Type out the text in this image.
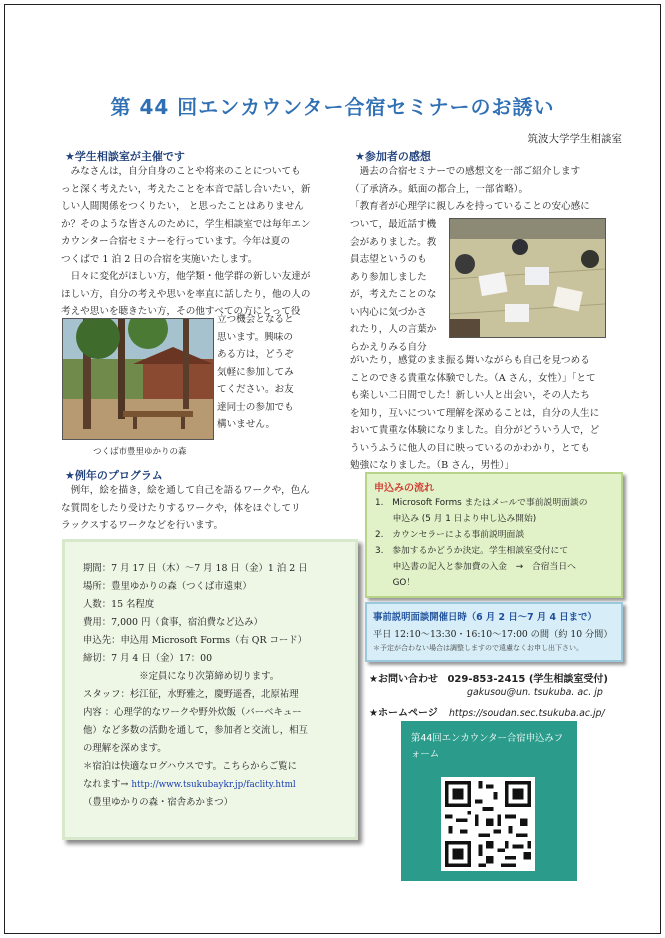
第 44 回エンカウンター合宿セミナーのお誘い
筑波大学学生相談室
★学生相談室が主催です
　みなさんは，自分自身のことや将来のことについても
っと深く考えたい，考えたことを本音で話し合いたい，新
しい人間関係をつくりたい， と思ったことはありません
か？そのような皆さんのために，学生相談室では毎年エン
カウンター合宿セミナーを行っています。今年は夏の
つくばで 1 泊 2 日の合宿を実施いたします。
　日々に変化がほしい方，他学類・他学群の新しい友達が
ほしい方，自分の考えや思いを率直に話したり，他の人の
考えや思いを聴きたい方，その他すべての方にとって役
つくば市豊里ゆかりの森
立つ機会となると
思います。興味の
ある方は，どうぞ
気軽に参加してみ
てください。お友
達同士の参加でも
構いません。
★例年のプログラム
　例年，絵を描き，絵を通して自己を語るワークや，色ん
な質問をしたり受けたりするワークや，体をほぐしてリ
ラックスするワークなどを行います。
期間：7 月 17 日（木）～7 月 18 日（金）1 泊 2 日
場所：豊里ゆかりの森（つくば市遠東）
人数：15 名程度
費用：7,000 円（食事，宿泊費など込み）
申込先：申込用 Microsoft Forms（右 QR コード）
締切：7 月 4 日（金）17：00
　　　　　　※定員になり次第締め切ります。
スタッフ：杉江征，水野雅之，慶野遥香，北原祐理
内容 ：心理学的なワークや野外炊飯（バーベキュー
他）など多数の活動を通して，参加者と交流し，相互
の理解を深めます。
＊宿泊は快適なログハウスです。こちらからご覧に
なれます→ http://www.tsukubaykr.jp/faclity.html
（豊里ゆかりの森・宿舎あかまつ）
★参加者の感想
　過去の合宿セミナーでの感想文を一部ご紹介します
（了承済み。紙面の都合上，一部省略）。
「教育者が心理学に親しみを持っていることの安心感に
ついて，最近話す機
会がありました。教
員志望というのも
あり参加しました
が，考えたことのな
い内心に気づかさ
れたり，人の言葉か
らかえりみる自分
がいたり，感覚のまま振る舞いながらも自己を見つめる
ことのできる貴重な体験でした。（A さん，女性）」「とて
も楽しい二日間でした！新しい人と出会い，その人たち
を知り，互いについて理解を深めることは，自分の人生に
おいて貴重な体験になりました。自分がどういう人で，ど
ういうふうに他人の目に映っているのかわかり，とても
勉強になりました。（B さん，男性）」
申込みの流れ
1.　Microsoft Forms またはメールで事前説明面談の
　　申込み (5 月 1 日より申し込み開始)
2.　カウンセラーによる事前説明面談
3.　参加するかどうか決定。学生相談室受付にて
　　申込書の記入と参加費の入金　→　合宿当日へ
　　GO！
事前説明面談開催日時（6 月 2 日～7 月 4 日まで）
平日 12:10～13:30・16:10～17:00 の間（約 10 分間）
＊予定が合わない場合は調整しますので遠慮なくお申し出下さい。
★お問い合わせ 029-853-2415 (学生相談室受付)
gakusou@un. tsukuba. ac. jp
★ホームページ https://soudan.sec.tsukuba.ac.jp/
第44回エンカウンター合宿申込みフォーム
